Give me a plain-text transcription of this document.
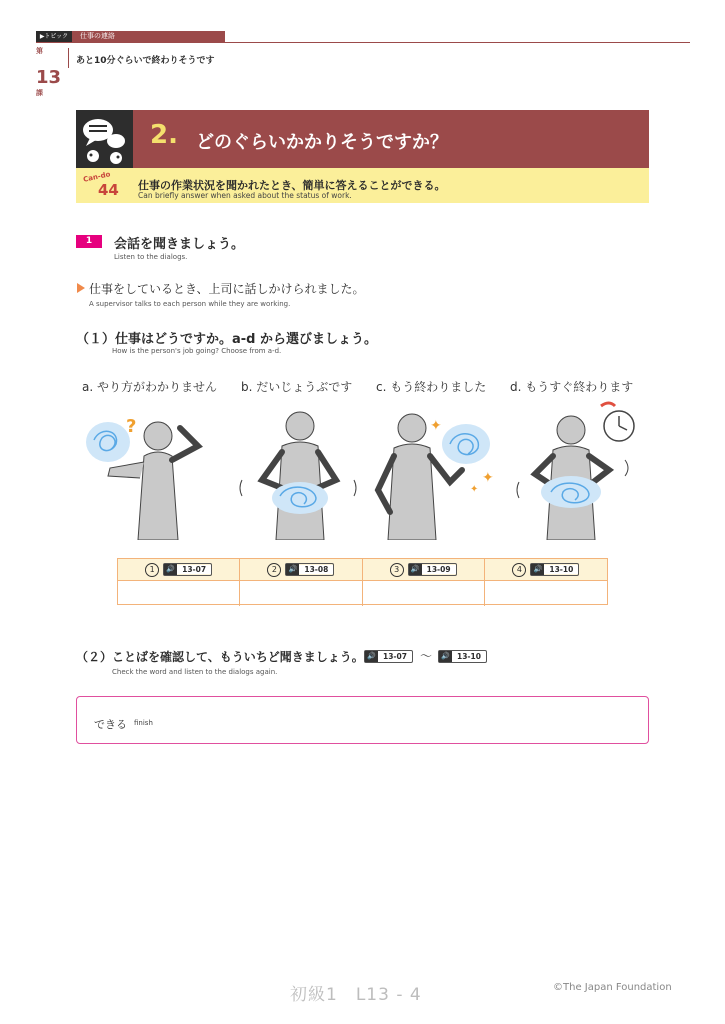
▶トピック	仕事の連絡
$^第13^課$
あと10分ぐらいで終わりそうです
2. どのぐらいかかりそうですか？
Can-do
44 仕事の作業状況を聞かれたとき、簡単に答えることができる。
Can briefly answer when asked about the status of work.
1	会話を聞きましょう。
Listen to the dialogs.
仕事をしているとき、上司に話しかけられました。
A supervisor talks to each person while they are working.
（１）仕事はどうですか。a-d から選びましょう。
How is the person's job going? Choose from a-d.
a. やり方がわかりません b. だいじょうぶです c. もう終わりました d. もうすぐ終わります
?	✦
✦
✦
1	🔊 13-07	2	🔊 13-08	3	🔊 13-09	4	🔊 13-10
（２）ことばを確認して、もういちど聞きましょう。
Check the word and listen to the dialogs again.
🔊 13-07	〜	🔊 13-10
できる finish
初級1　L13 - 4	©The Japan Foundation
